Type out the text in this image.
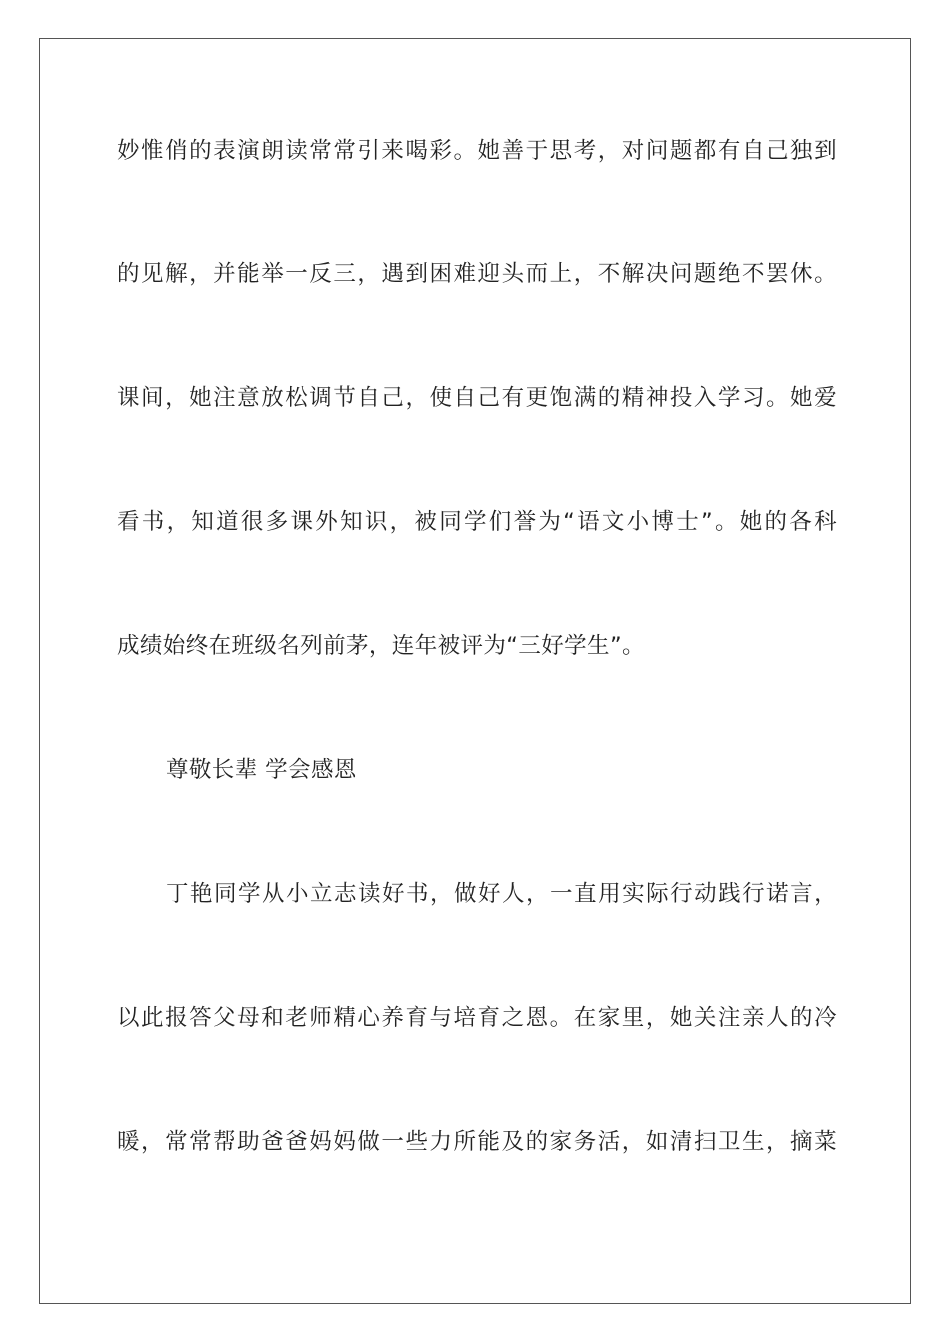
妙惟俏的表演朗读常常引来喝彩。她善于思考，对问题都有自己独到
的见解，并能举一反三，遇到困难迎头而上，不解决问题绝不罢休。
课间，她注意放松调节自己，使自己有更饱满的精神投入学习。她爱
看书，知道很多课外知识，被同学们誉为“语文小博士”。她的各科
成绩始终在班级名列前茅，连年被评为“三好学生”。
尊敬长辈 学会感恩
丁艳同学从小立志读好书，做好人，一直用实际行动践行诺言，
以此报答父母和老师精心养育与培育之恩。在家里，她关注亲人的冷
暖，常常帮助爸爸妈妈做一些力所能及的家务活，如清扫卫生，摘菜
